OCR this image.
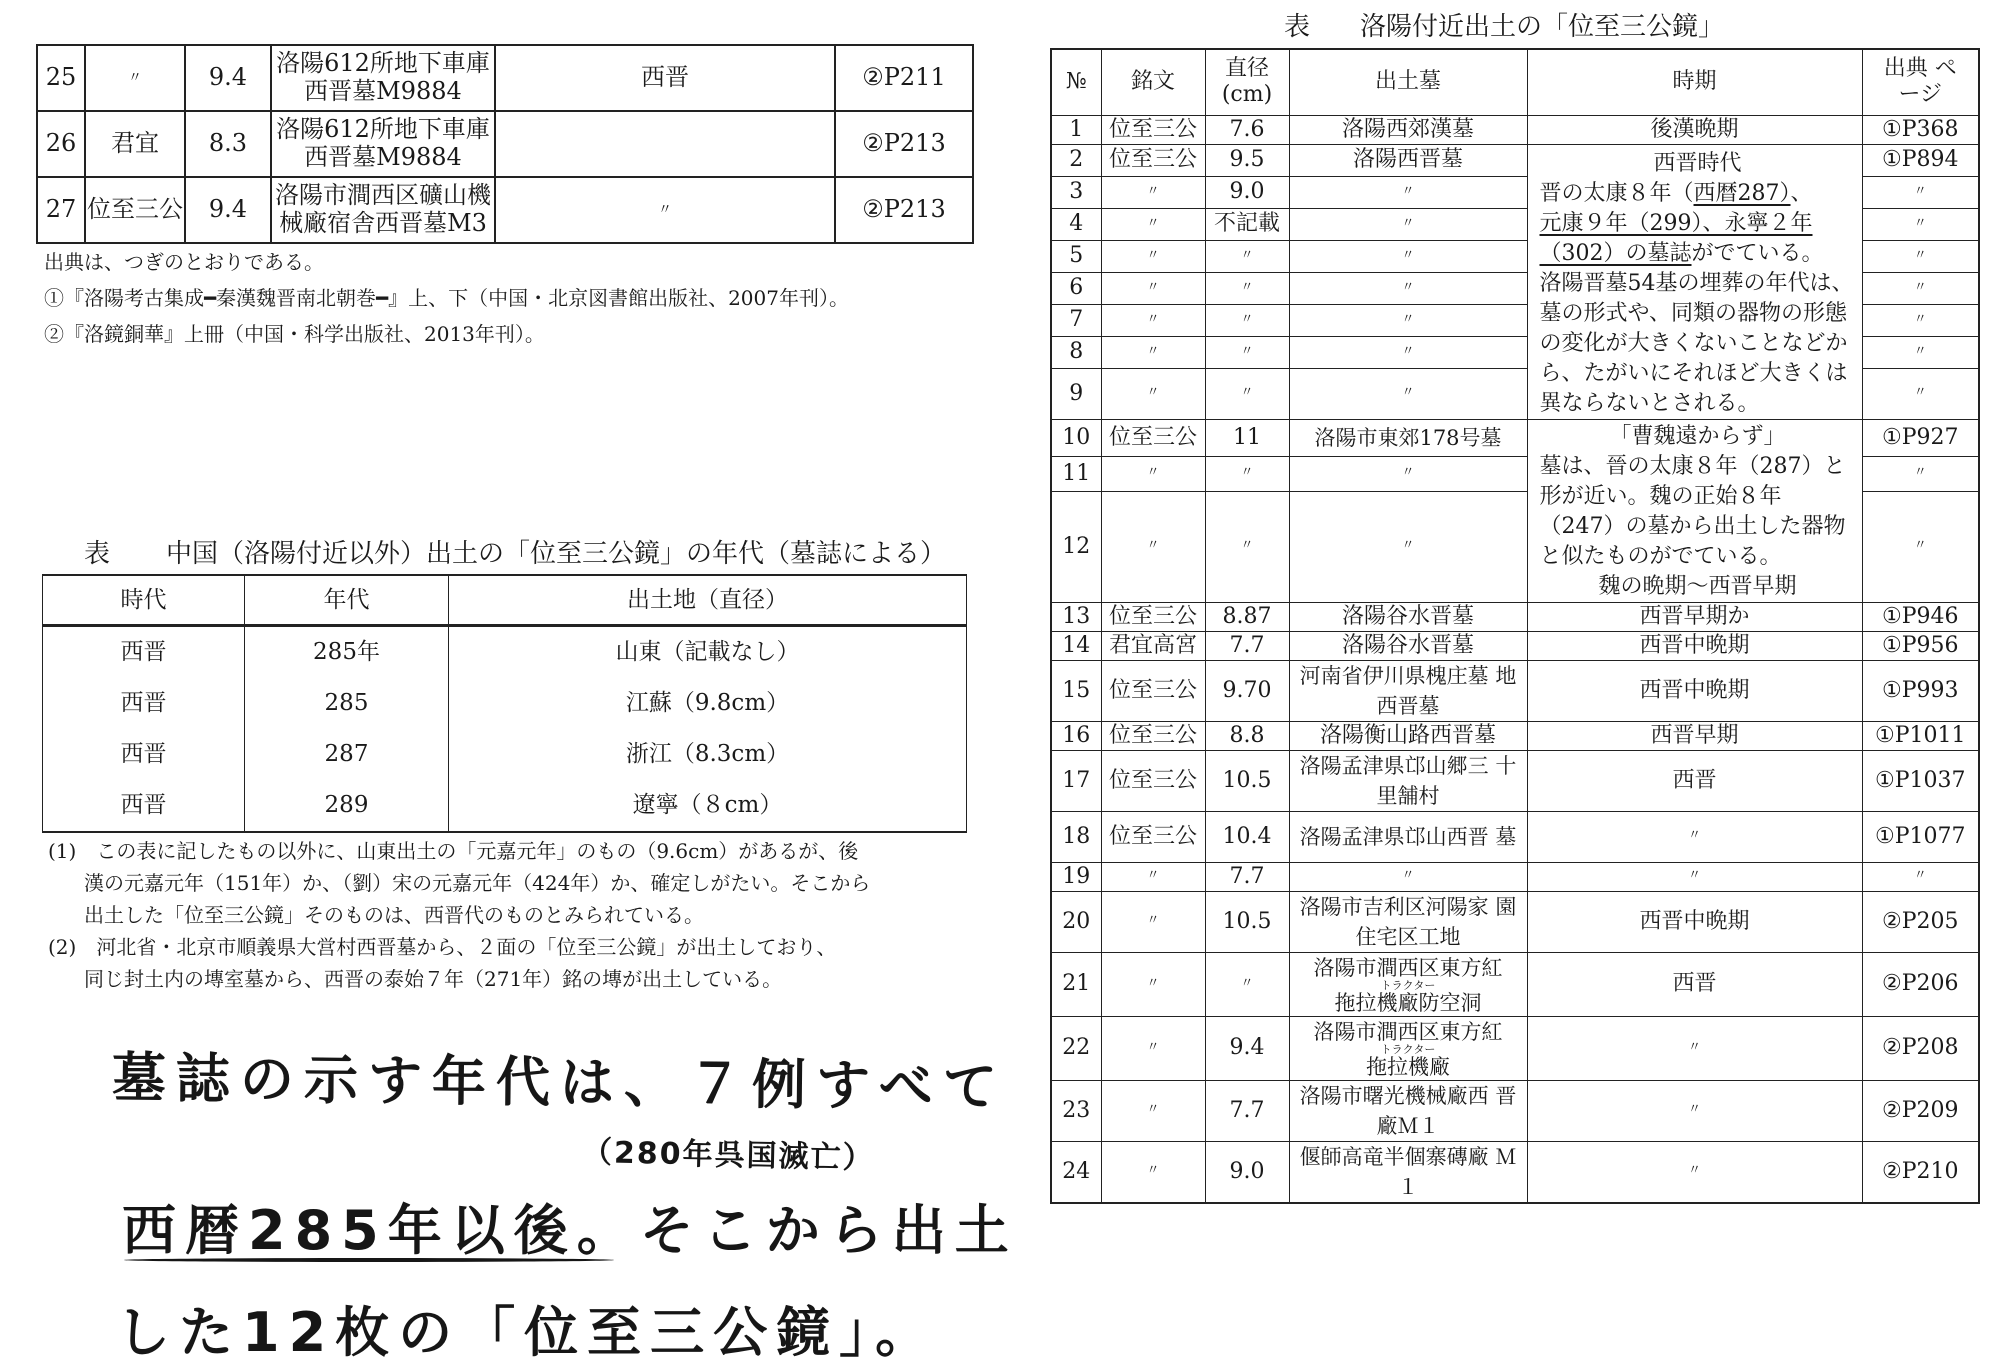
25	〃	9.4	洛陽612所地下車庫 西晋墓M9884	西晋	②P211
26	君宜	8.3	洛陽612所地下車庫 西晋墓M9884		②P213
27	位至三公	9.4	洛陽市澗西区礦山機 械廠宿舎西晋墓M3	〃	②P213
出典は、つぎのとおりである。
①『洛陽考古集成━秦漢魏晋南北朝巻━』上、下（中国・北京図書館出版社、2007年刊）。
②『洛鏡銅華』上冊（中国・科学出版社、2013年刊）。
表 中国（洛陽付近以外）出土の「位至三公鏡」の年代（墓誌による）
時代	年代	出土地（直径）
西晋	285年	山東（記載なし）
西晋	285	江蘇（9.8cm）
西晋	287	浙江（8.3cm）
西晋	289	遼寧（８cm）
(1)　この表に記したもの以外に、山東出土の「元嘉元年」のもの（9.6cm）があるが、後
漢の元嘉元年（151年）か、（劉）宋の元嘉元年（424年）か、確定しがたい。そこから
出土した「位至三公鏡」そのものは、西晋代のものとみられている。
(2)　河北省・北京市順義県大営村西晋墓から、２面の「位至三公鏡」が出土しており、
同じ封土内の塼室墓から、西晋の泰始７年（271年）銘の塼が出土している。
墓誌の示す年代は、７例すべて
（280年呉国滅亡）
西暦285年以後。そこから出土
した12枚の「位至三公鏡」。
表 洛陽付近出土の「位至三公鏡」
№	銘文	直径 (cm)	出土墓	時期	出典 ページ
1	位至三公	7.6	洛陽西郊漢墓	後漢晩期	①P368
2	位至三公	9.5	洛陽西晋墓	西晋時代
晋の太康８年（西暦287）、
元康９年（299）、永寧２年
（302）の墓誌がでている。
洛陽晋墓54基の埋葬の年代は、墓の形式や、同類の器物の形態の変化が大きくないことなどから、たがいにそれほど大きくは異ならないとされる。	①P894
3	〃	9.0	〃		〃
4	〃	不記載	〃		〃
5	〃	〃	〃		〃
6	〃	〃	〃		〃
7	〃	〃	〃		〃
8	〃	〃	〃		〃
9	〃	〃	〃		〃
10	位至三公	11	洛陽市東郊178号墓	「曹魏遠からず」
墓は、晉の太康８年（287）と形が近い。魏の正始８年（247）の墓から出土した器物と似たものがでている。
魏の晩期～西晋早期	①P927
11	〃	〃	〃		〃
12	〃	〃	〃		〃
13	位至三公	8.87	洛陽谷水晋墓	西晋早期か	①P946
14	君宜高宮	7.7	洛陽谷水晋墓	西晋中晩期	①P956
15	位至三公	9.70	河南省伊川県槐庄墓 地西晋墓	西晋中晩期	①P993
16	位至三公	8.8	洛陽衡山路西晋墓	西晋早期	①P1011
17	位至三公	10.5	洛陽孟津県邙山郷三 十里舗村	西晋	①P1037
18	位至三公	10.4	洛陽孟津県邙山西晋 墓	〃	①P1077
19	〃	7.7	〃	〃	〃
20	〃	10.5	洛陽市吉利区河陽家 園住宅区工地	西晋中晩期	②P205
21	〃	〃	洛陽市澗西区東方紅
トラクター
拖拉機廠防空洞	西晋	②P206
22	〃	9.4	洛陽市澗西区東方紅
トラクター
拖拉機廠	〃	②P208
23	〃	7.7	洛陽市曙光機械廠西 晋廠Ｍ１	〃	②P209
24	〃	9.0	偃師高竜半個寨磚廠 Ｍ１	〃	②P210
